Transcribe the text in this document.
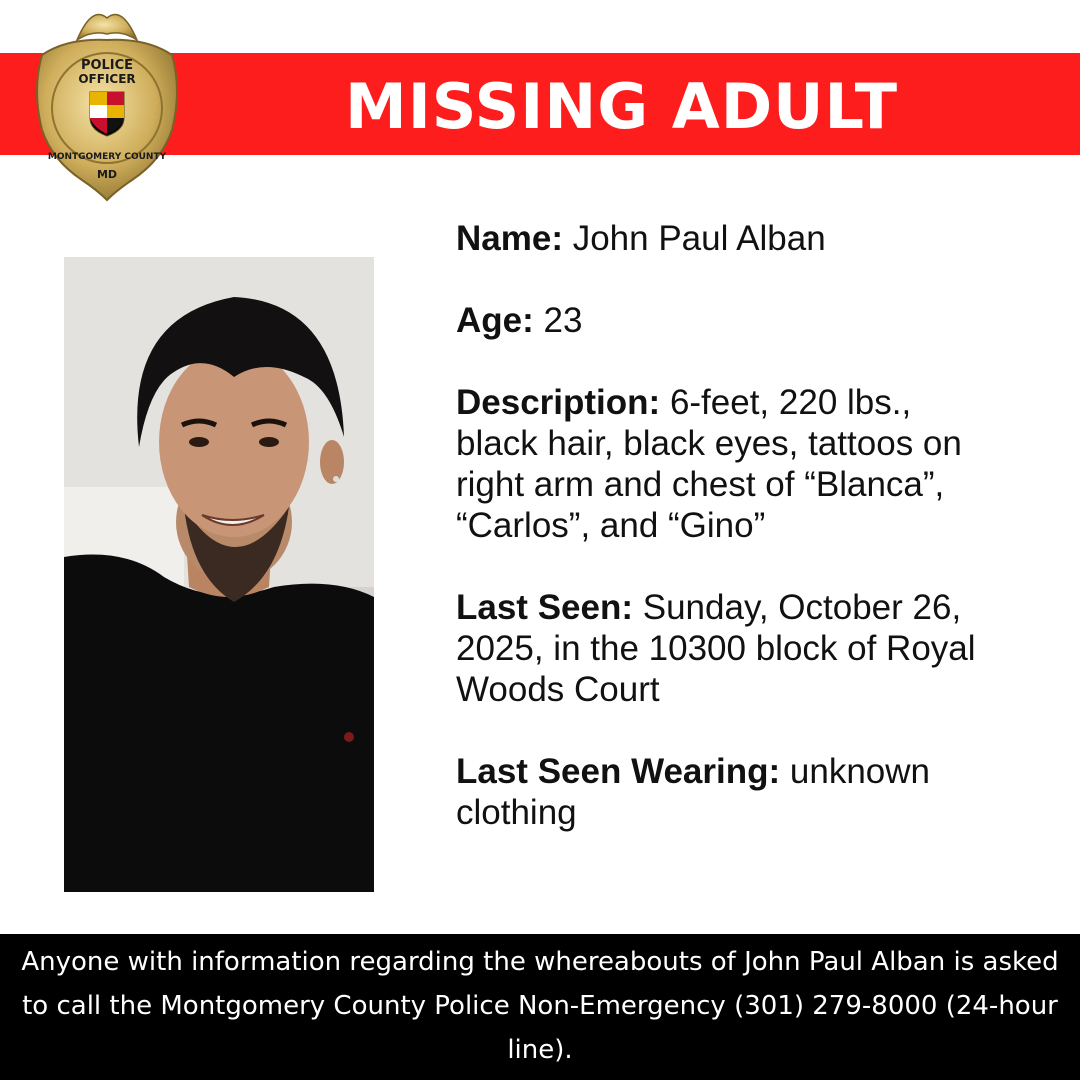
MISSING ADULT
POLICE
OFFICER
MONTGOMERY COUNTY
MD
Name: John Paul Alban
Age: 23
Description: 6-feet, 220 lbs., black hair, black eyes, tattoos on right arm and chest of “Blanca”, “Carlos”, and “Gino”
Last Seen: Sunday, October 26, 2025, in the 10300 block of Royal Woods Court
Last Seen Wearing: unknown clothing
Anyone with information regarding the whereabouts of John Paul Alban is asked to call the Montgomery County Police Non-Emergency (301) 279-8000 (24-hour line).
